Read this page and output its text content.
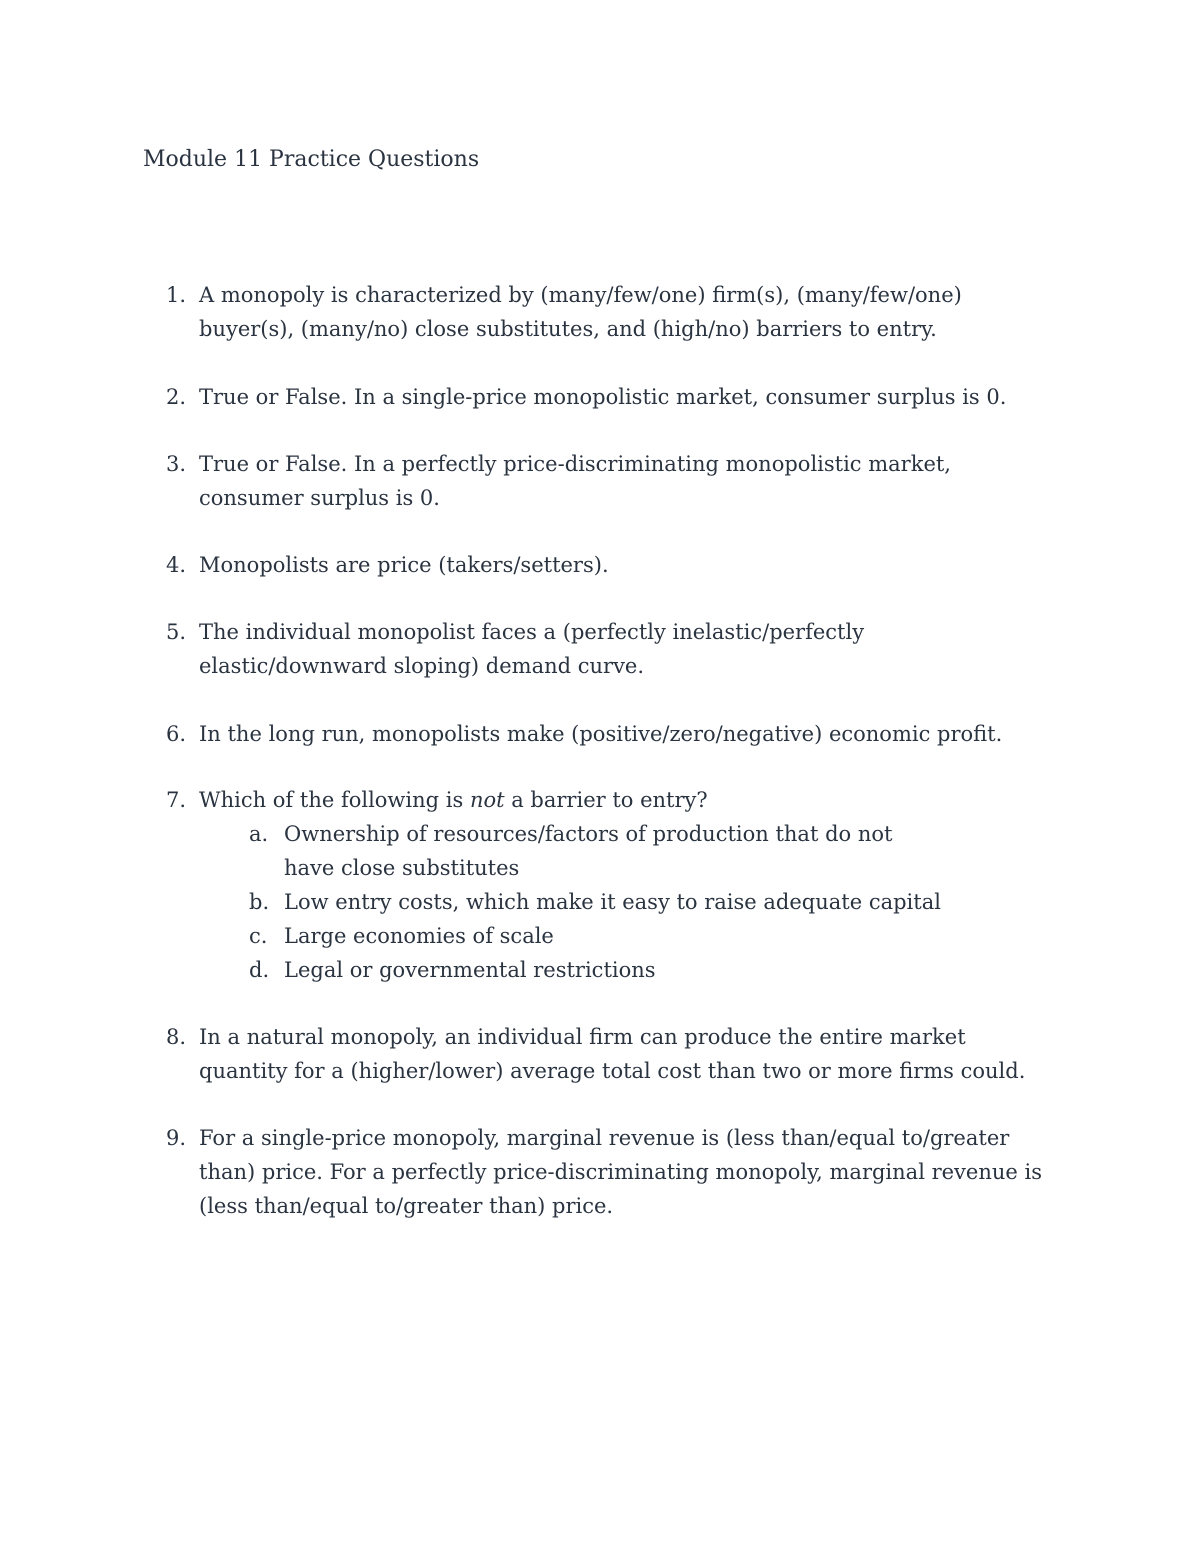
Module 11 Practice Questions
1. A monopoly is characterized by (many/few/one) firm(s), (many/few/one) buyer(s), (many/no) close substitutes, and (high/no) barriers to entry.
2. True or False. In a single-price monopolistic market, consumer surplus is 0.
3. True or False. In a perfectly price-discriminating monopolistic market, consumer surplus is 0.
4. Monopolists are price (takers/setters).
5. The individual monopolist faces a (perfectly inelastic/perfectly elastic/downward sloping) demand curve.
6. In the long run, monopolists make (positive/zero/negative) economic profit.
7. Which of the following is not a barrier to entry?
a. Ownership of resources/factors of production that do not have close substitutes
b. Low entry costs, which make it easy to raise adequate capital
c. Large economies of scale
d. Legal or governmental restrictions
8. In a natural monopoly, an individual firm can produce the entire market quantity for a (higher/lower) average total cost than two or more firms could.
9. For a single-price monopoly, marginal revenue is (less than/equal to/greater than) price. For a perfectly price-discriminating monopoly, marginal revenue is (less than/equal to/greater than) price.
